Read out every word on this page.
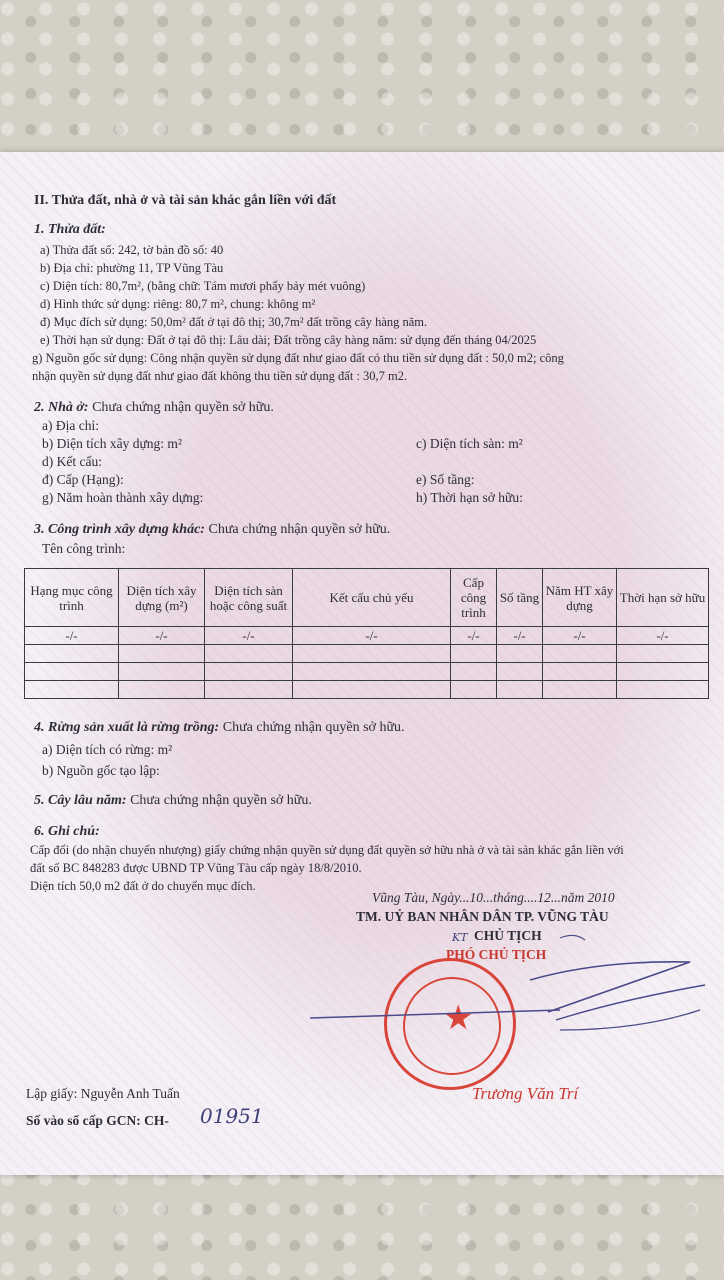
II. Thửa đất, nhà ở và tài sản khác gắn liền với đất
1. Thửa đất:
a) Thửa đất số: 242, tờ bản đồ số: 40
b) Địa chỉ: phường 11, TP Vũng Tàu
c) Diện tích: 80,7m², (bằng chữ: Tám mươi phẩy bảy mét vuông)
d) Hình thức sử dụng: riêng: 80,7 m², chung: không m²
đ) Mục đích sử dụng: 50,0m² đất ở tại đô thị; 30,7m² đất trồng cây hàng năm.
e) Thời hạn sử dụng: Đất ở tại đô thị: Lâu dài; Đất trồng cây hàng năm: sử dụng đến tháng 04/2025
g) Nguồn gốc sử dụng: Công nhận quyền sử dụng đất như giao đất có thu tiền sử dụng đất : 50,0 m2; công
nhận quyền sử dụng đất như giao đất không thu tiền sử dụng đất : 30,7 m2.
2. Nhà ở: Chưa chứng nhận quyền sở hữu.
a) Địa chỉ:
b) Diện tích xây dựng: m²	c) Diện tích sàn: m²
d) Kết cấu:
đ) Cấp (Hạng):	e) Số tầng:
g) Năm hoàn thành xây dựng:	h) Thời hạn sở hữu:
3. Công trình xây dựng khác: Chưa chứng nhận quyền sở hữu.
Tên công trình:
Hạng mục công trình	Diện tích xây dựng (m²)	Diện tích sàn hoặc công suất	Kết cấu chủ yếu	Cấp công trình	Số tầng	Năm HT xây dựng	Thời hạn sở hữu
-/-	-/-	-/-	-/-	-/-	-/-	-/-	-/-

4. Rừng sản xuất là rừng trồng: Chưa chứng nhận quyền sở hữu.
a) Diện tích có rừng: m²
b) Nguồn gốc tạo lập:
5. Cây lâu năm: Chưa chứng nhận quyền sở hữu.
6. Ghi chú:
Cấp đổi (do nhận chuyển nhượng) giấy chứng nhận quyền sử dụng đất quyền sở hữu nhà ở và tài sản khác gắn liền với
đất số BC 848283 được UBND TP Vũng Tàu cấp ngày 18/8/2010.
Diện tích 50,0 m2 đất ở do chuyển mục đích.
Vũng Tàu, Ngày...10...tháng....12...năm 2010
TM. UỶ BAN NHÂN DÂN TP. VŨNG TÀU
KT CHỦ TỊCH
PHÓ CHỦ TỊCH
★
Trương Văn Trí
Lập giấy: Nguyễn Anh Tuấn
Số vào sổ cấp GCN: CH- 01951
